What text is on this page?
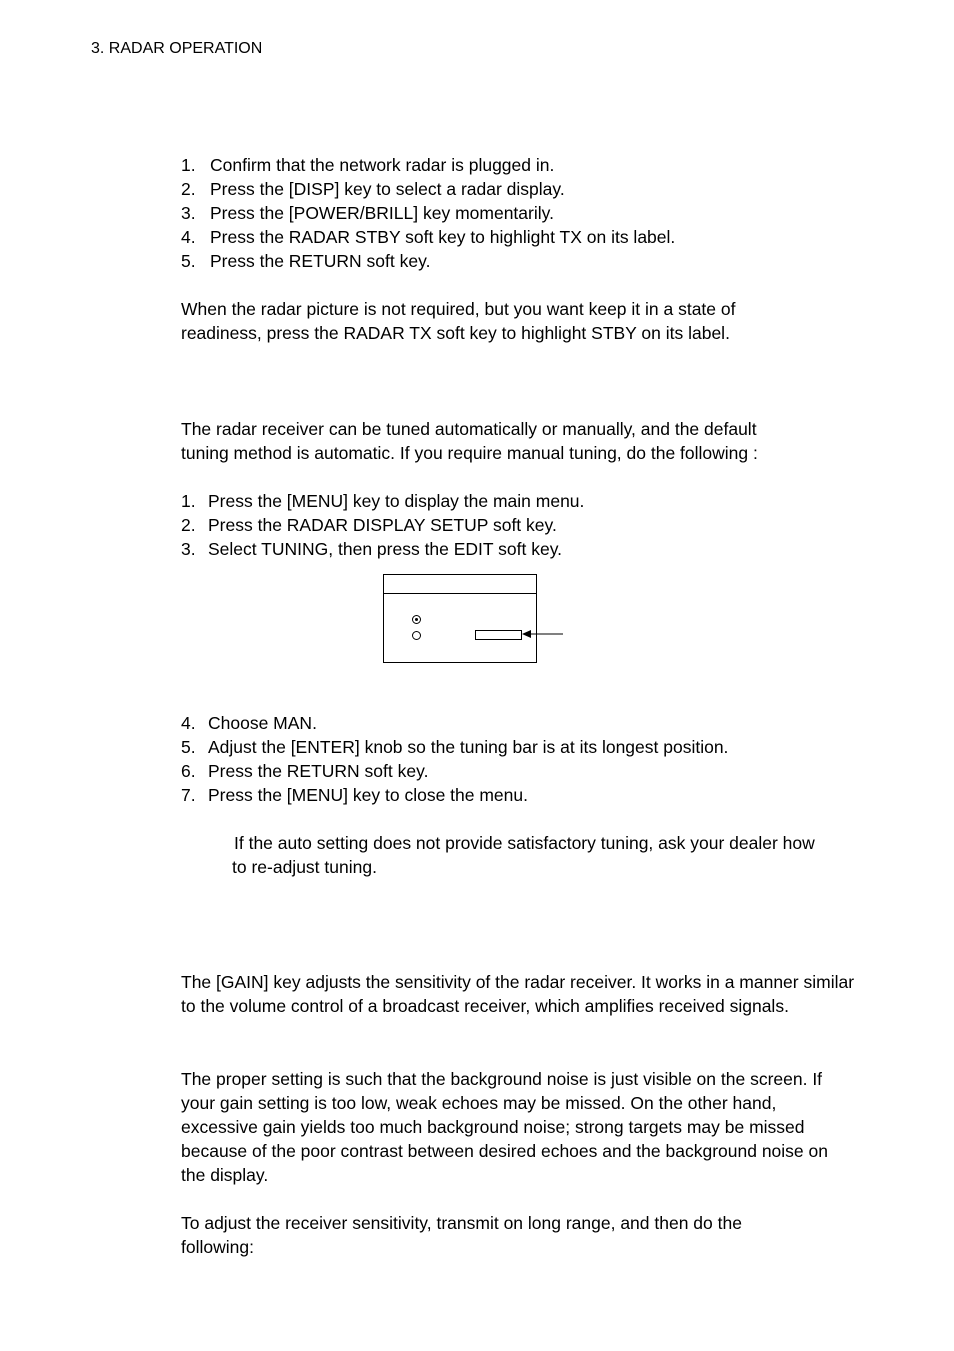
3. RADAR OPERATION
1. Confirm that the network radar is plugged in.
2. Press the [DISP] key to select a radar display.
3. Press the [POWER/BRILL] key momentarily.
4. Press the RADAR STBY soft key to highlight TX on its label.
5. Press the RETURN soft key.

When the radar picture is not required, but you want keep it in a state of readiness, press the RADAR TX soft key to highlight STBY on its label.

The radar receiver can be tuned automatically or manually, and the default tuning method is automatic. If you require manual tuning, do the following :

1. Press the [MENU] key to display the main menu.
2. Press the RADAR DISPLAY SETUP soft key.
3. Select TUNING, then press the EDIT soft key.
4. Choose MAN.
5. Adjust the [ENTER] knob so the tuning bar is at its longest position.
6. Press the RETURN soft key.
7. Press the [MENU] key to close the menu.

If the auto setting does not provide satisfactory tuning, ask your dealer how to re-adjust tuning.

The [GAIN] key adjusts the sensitivity of the radar receiver. It works in a manner similar to the volume control of a broadcast receiver, which amplifies received signals.

The proper setting is such that the background noise is just visible on the screen. If your gain setting is too low, weak echoes may be missed. On the other hand, excessive gain yields too much background noise; strong targets may be missed because of the poor contrast between desired echoes and the background noise on the display.

To adjust the receiver sensitivity, transmit on long range, and then do the following:
